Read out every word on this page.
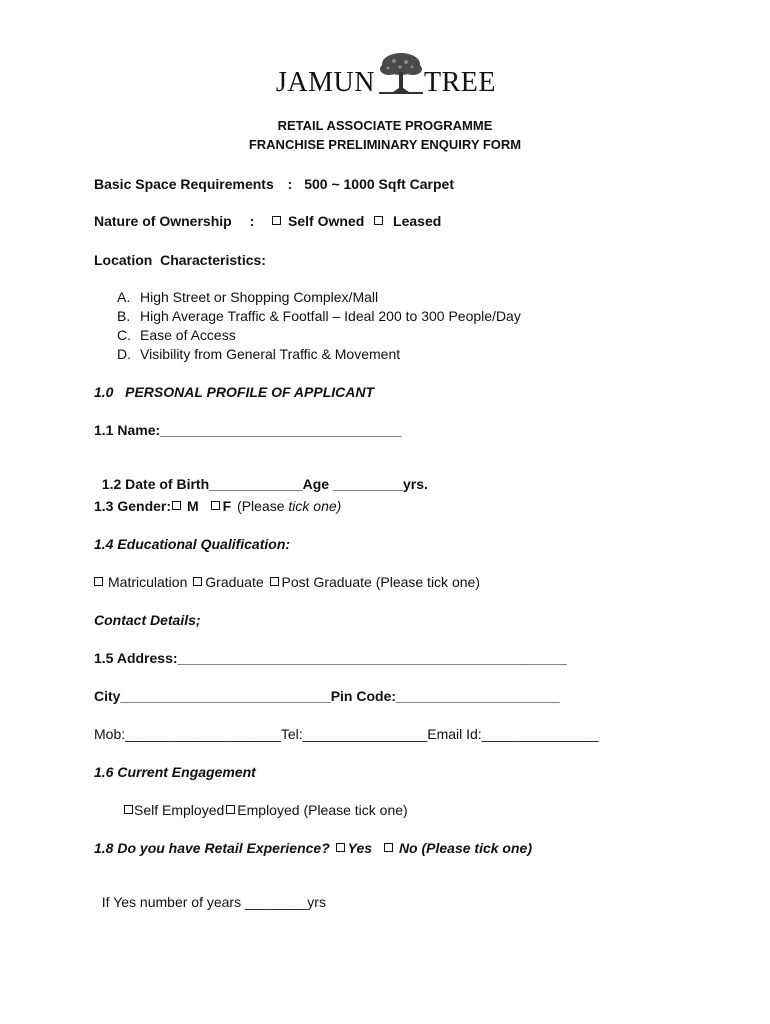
JAMUN TREE
RETAIL ASSOCIATE PROGRAMME
FRANCHISE PRELIMINARY ENQUIRY FORM
Basic Space Requirements : 500 ~ 1000 Sqft Carpet
Nature of Ownership : Self Owned Leased
Location  Characteristics:
A. High Street or Shopping Complex/Mall
B. High Average Traffic & Footfall – Ideal 200 to 300 People/Day
C. Ease of Access
D. Visibility from General Traffic & Movement
1.0   PERSONAL PROFILE OF APPLICANT
1.1 Name:_______________________________

1.2 Date of Birth____________Age _________yrs.

1.3 Gender: M F (Please tick one)
1.4 Educational Qualification:
Matriculation Graduate Post Graduate (Please tick one)
Contact Details;
1.5 Address:__________________________________________________
City___________________________Pin Code:_____________________
Mob:____________________Tel:________________Email Id:_______________
1.6 Current Engagement
Self Employed Employed (Please tick one)
1.8 Do you have Retail Experience? Yes No (Please tick one)

If Yes number of years ________yrs
